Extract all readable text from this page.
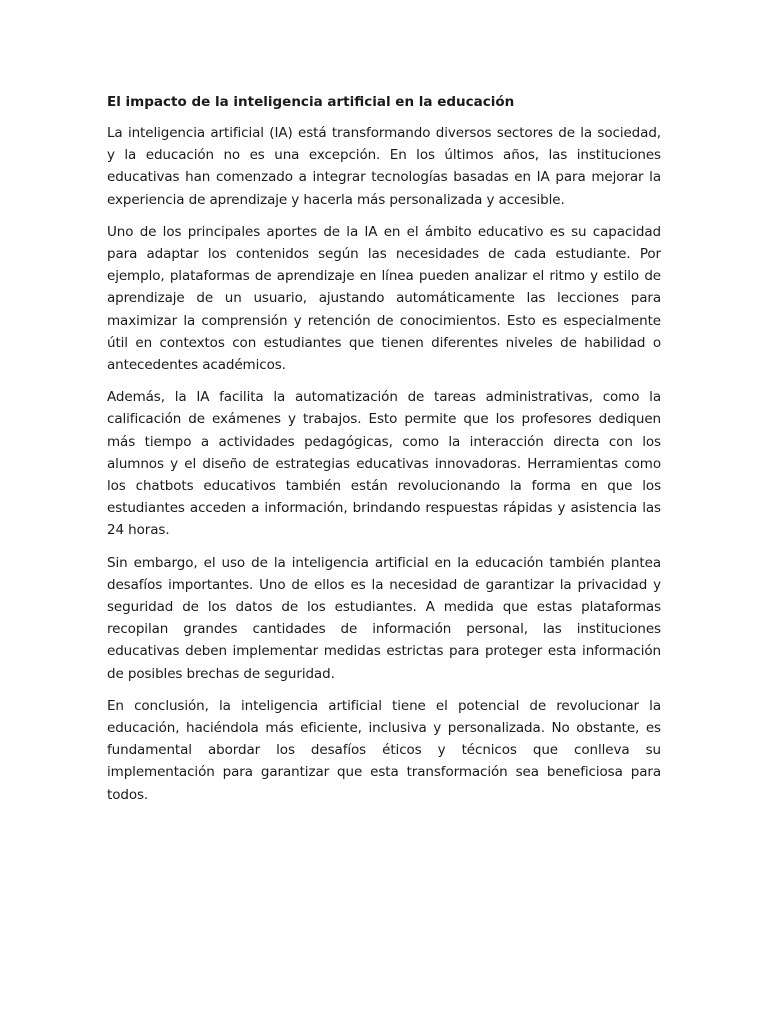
El impacto de la inteligencia artificial en la educación

La inteligencia artificial (IA) está transformando diversos sectores de la sociedad, y la educación no es una excepción. En los últimos años, las instituciones educativas han comenzado a integrar tecnologías basadas en IA para mejorar la experiencia de aprendizaje y hacerla más personalizada y accesible.

Uno de los principales aportes de la IA en el ámbito educativo es su capacidad para adaptar los contenidos según las necesidades de cada estudiante. Por ejemplo, plataformas de aprendizaje en línea pueden analizar el ritmo y estilo de aprendizaje de un usuario, ajustando automáticamente las lecciones para maximizar la comprensión y retención de conocimientos. Esto es especialmente útil en contextos con estudiantes que tienen diferentes niveles de habilidad o antecedentes académicos.

Además, la IA facilita la automatización de tareas administrativas, como la calificación de exámenes y trabajos. Esto permite que los profesores dediquen más tiempo a actividades pedagógicas, como la interacción directa con los alumnos y el diseño de estrategias educativas innovadoras. Herramientas como los chatbots educativos también están revolucionando la forma en que los estudiantes acceden a información, brindando respuestas rápidas y asistencia las 24 horas.

Sin embargo, el uso de la inteligencia artificial en la educación también plantea desafíos importantes. Uno de ellos es la necesidad de garantizar la privacidad y seguridad de los datos de los estudiantes. A medida que estas plataformas recopilan grandes cantidades de información personal, las instituciones educativas deben implementar medidas estrictas para proteger esta información de posibles brechas de seguridad.

En conclusión, la inteligencia artificial tiene el potencial de revolucionar la educación, haciéndola más eficiente, inclusiva y personalizada. No obstante, es fundamental abordar los desafíos éticos y técnicos que conlleva su implementación para garantizar que esta transformación sea beneficiosa para todos.
